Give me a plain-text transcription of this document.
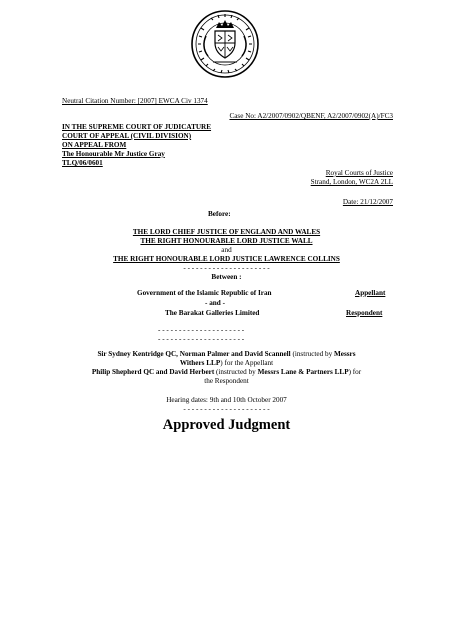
Neutral Citation Number: [2007] EWCA Civ 1374
Case No: A2/2007/0902/QBENF, A2/2007/0902(A)/FC3
IN THE SUPREME COURT OF JUDICATURE
COURT OF APPEAL (CIVIL DIVISION)
ON APPEAL FROM
The Honourable Mr Justice Gray
TLQ/06/0601
Royal Courts of Justice
Strand, London, WC2A 2LL
Date: 21/12/2007
Before:
THE LORD CHIEF JUSTICE OF ENGLAND AND WALES
THE RIGHT HONOURABLE LORD JUSTICE WALL
and
THE RIGHT HONOURABLE LORD JUSTICE LAWRENCE COLLINS
- - - - - - - - - - - - - - - - - - - - -
Between :
Government of the Islamic Republic of Iran	Appellant
- and -
The Barakat Galleries Limited	Respondent
- - - - - - - - - - - - - - - - - - - - -
- - - - - - - - - - - - - - - - - - - - -
Sir Sydney Kentridge QC, Norman Palmer and David Scannell (instructed by Messrs
Withers LLP) for the Appellant
Philip Shepherd QC and David Herbert (instructed by Messrs Lane & Partners LLP) for
the Respondent
Hearing dates: 9th and 10th October 2007
- - - - - - - - - - - - - - - - - - - - -
Approved Judgment
